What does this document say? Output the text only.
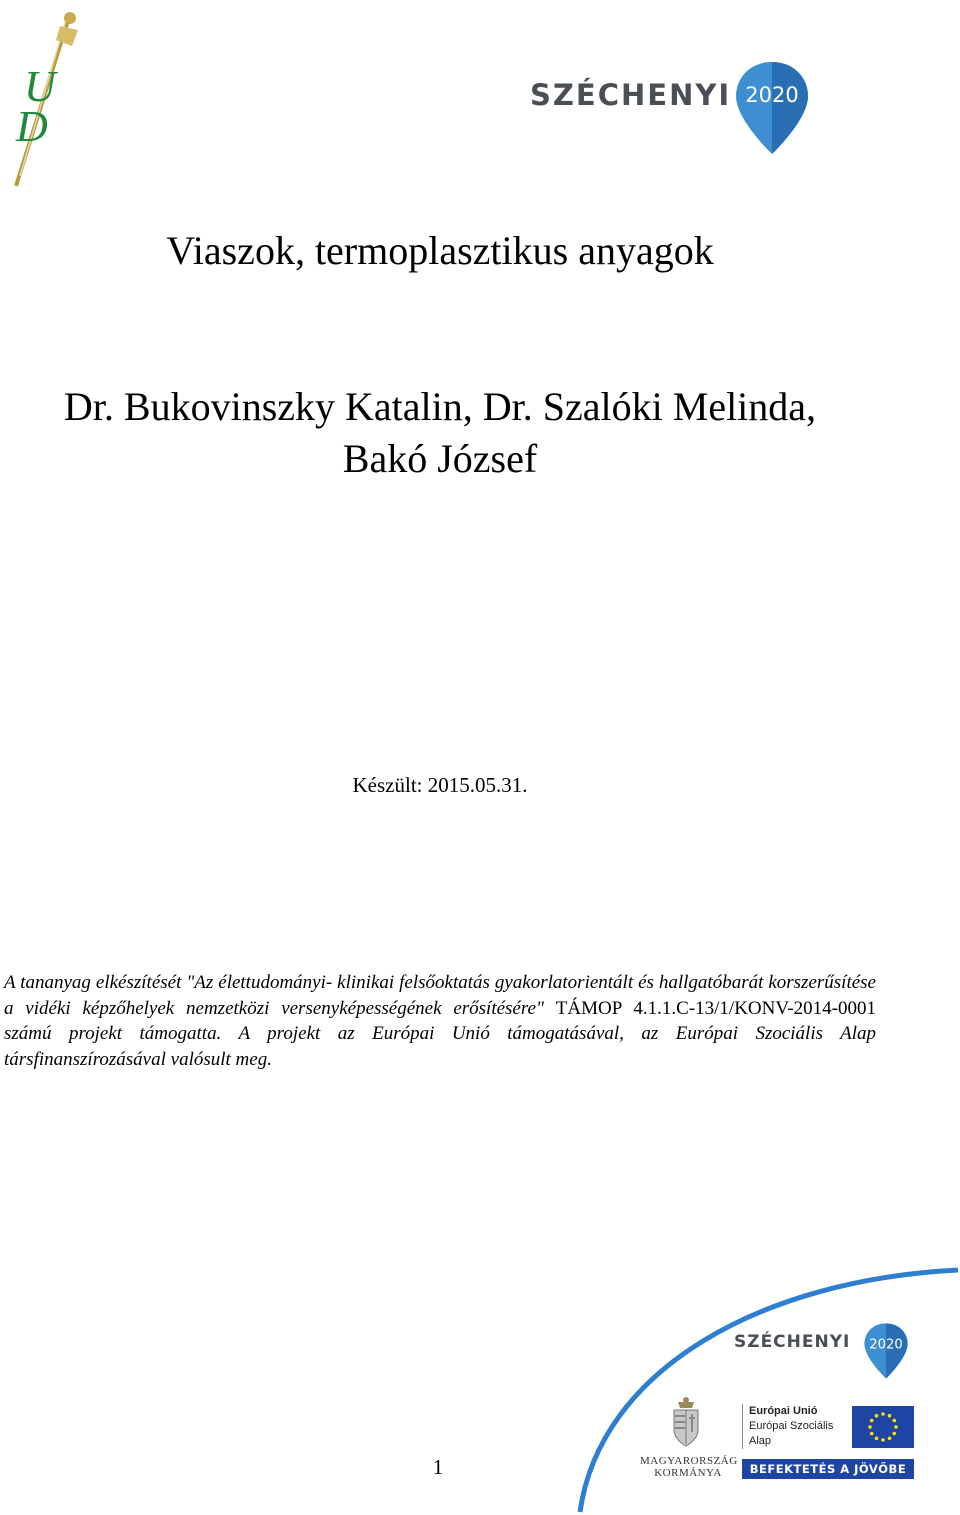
U
D
SZÉCHENYI 2020
Viaszok, termoplasztikus anyagok
Dr. Bukovinszky Katalin, Dr. Szalóki Melinda,
Bakó József
Készült: 2015.05.31.
A tananyag elkészítését "Az élettudományi- klinikai felsőoktatás gyakorlatorientált és hallgatóbarát korszerűsítése a vidéki képzőhelyek nemzetközi versenyképességének erősítésére" TÁMOP 4.1.1.C-13/1/KONV-2014-0001 számú projekt támogatta. A projekt az Európai Unió támogatásával, az Európai Szociális Alap társfinanszírozásával valósult meg.
SZÉCHENYI 2020
MAGYARORSZÁG
KORMÁNYA
Európai Unió
Európai Szociális
Alap
BEFEKTETÉS A JÖVŐBE
1
